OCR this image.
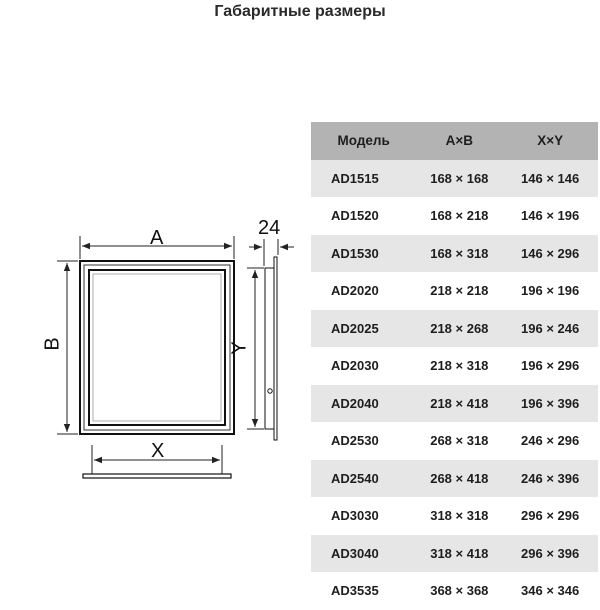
Габаритные размеры
A
B
X
Y
24
Модель	A×B	X×Y
AD1515	168 × 168	146 × 146
AD1520	168 × 218	146 × 196
AD1530	168 × 318	146 × 296
AD2020	218 × 218	196 × 196
AD2025	218 × 268	196 × 246
AD2030	218 × 318	196 × 296
AD2040	218 × 418	196 × 396
AD2530	268 × 318	246 × 296
AD2540	268 × 418	246 × 396
AD3030	318 × 318	296 × 296
AD3040	318 × 418	296 × 396
AD3535	368 × 368	346 × 346
